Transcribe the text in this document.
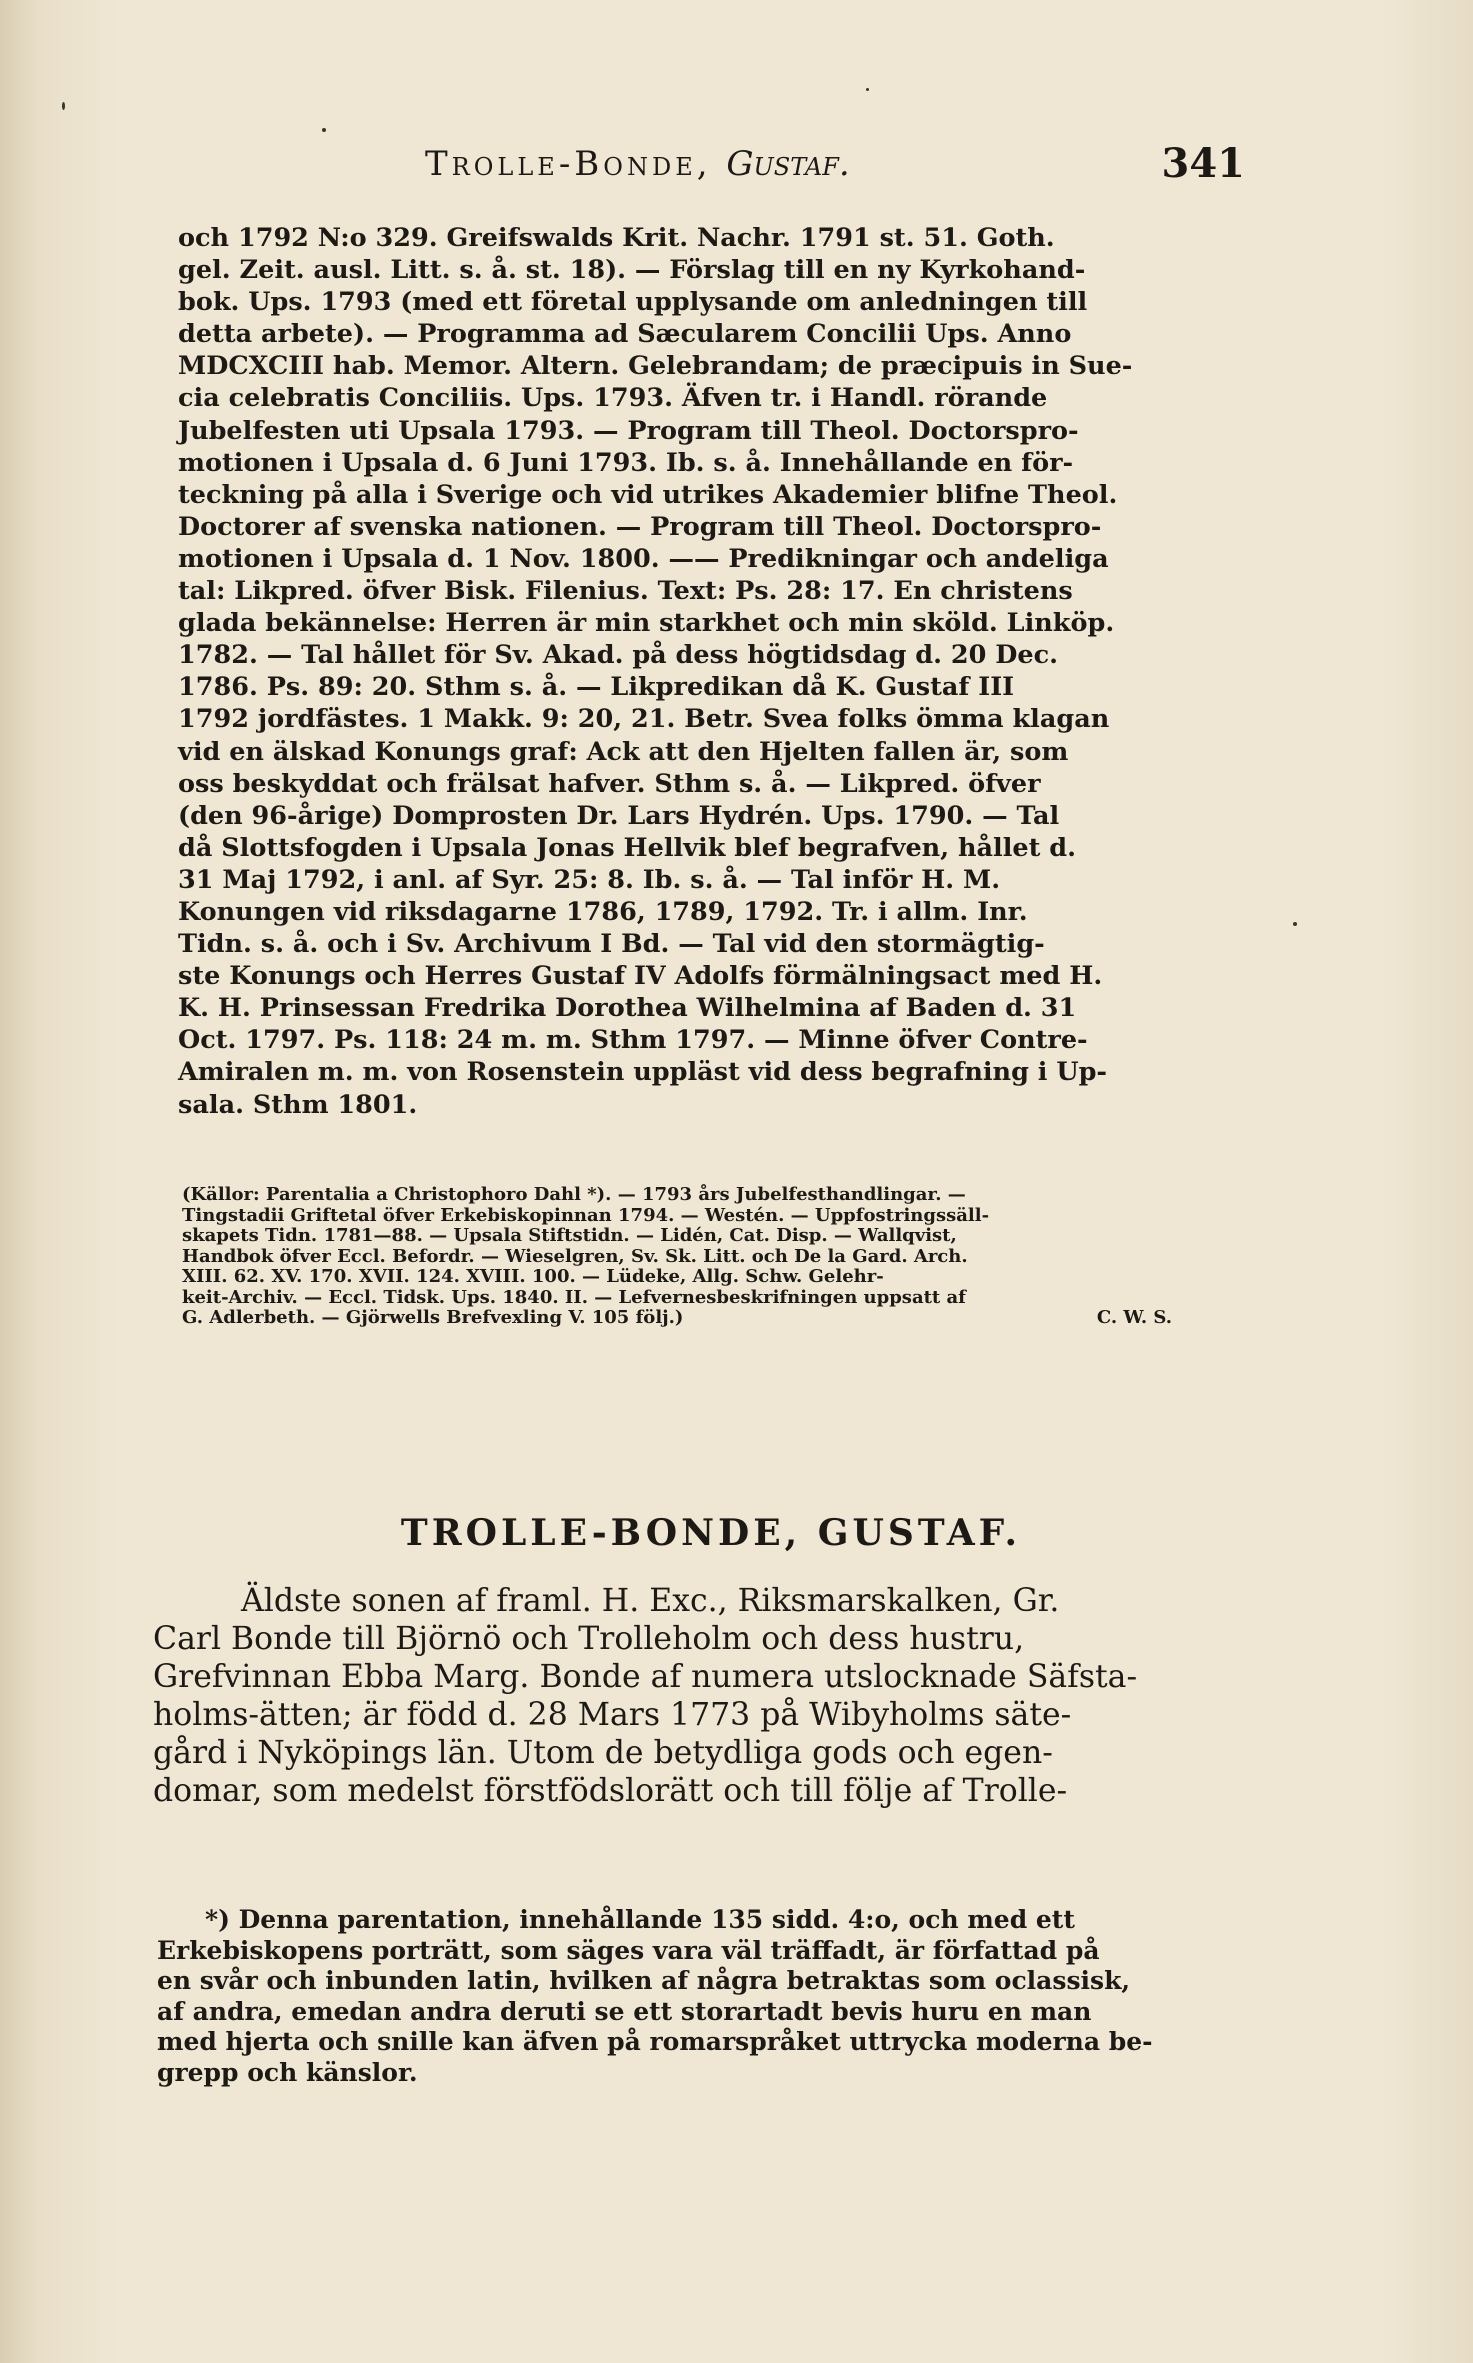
Trolle-Bonde, Gustaf.	341
och 1792 N:o 329. Greifswalds Krit. Nachr. 1791 st. 51. Goth.
gel. Zeit. ausl. Litt. s. å. st. 18). — Förslag till en ny Kyrkohand-
bok. Ups. 1793 (med ett företal upplysande om anledningen till
detta arbete). — Programma ad Sæcularem Concilii Ups. Anno
MDCXCIII hab. Memor. Altern. Gelebrandam; de præcipuis in Sue-
cia celebratis Conciliis. Ups. 1793. Äfven tr. i Handl. rörande
Jubelfesten uti Upsala 1793. — Program till Theol. Doctorspro-
motionen i Upsala d. 6 Juni 1793. Ib. s. å. Innehållande en för-
teckning på alla i Sverige och vid utrikes Akademier blifne Theol.
Doctorer af svenska nationen. — Program till Theol. Doctorspro-
motionen i Upsala d. 1 Nov. 1800. —— Predikningar och andeliga
tal: Likpred. öfver Bisk. Filenius. Text: Ps. 28: 17. En christens
glada bekännelse: Herren är min starkhet och min sköld. Linköp.
1782. — Tal hållet för Sv. Akad. på dess högtidsdag d. 20 Dec.
1786. Ps. 89: 20. Sthm s. å. — Likpredikan då K. Gustaf III
1792 jordfästes. 1 Makk. 9: 20, 21. Betr. Svea folks ömma klagan
vid en älskad Konungs graf: Ack att den Hjelten fallen är, som
oss beskyddat och frälsat hafver. Sthm s. å. — Likpred. öfver
(den 96-årige) Domprosten Dr. Lars Hydrén. Ups. 1790. — Tal
då Slottsfogden i Upsala Jonas Hellvik blef begrafven, hållet d.
31 Maj 1792, i anl. af Syr. 25: 8. Ib. s. å. — Tal inför H. M.
Konungen vid riksdagarne 1786, 1789, 1792. Tr. i allm. Inr.
Tidn. s. å. och i Sv. Archivum I Bd. — Tal vid den stormägtig-
ste Konungs och Herres Gustaf IV Adolfs förmälningsact med H.
K. H. Prinsessan Fredrika Dorothea Wilhelmina af Baden d. 31
Oct. 1797. Ps. 118: 24 m. m. Sthm 1797. — Minne öfver Contre-
Amiralen m. m. von Rosenstein uppläst vid dess begrafning i Up-
sala. Sthm 1801.
(Källor: Parentalia a Christophoro Dahl *). — 1793 års Jubelfesthandlingar. —
Tingstadii Griftetal öfver Erkebiskopinnan 1794. — Westén. — Uppfostringssäll-
skapets Tidn. 1781—88. — Upsala Stiftstidn. — Lidén, Cat. Disp. — Wallqvist,
Handbok öfver Eccl. Befordr. — Wieselgren, Sv. Sk. Litt. och De la Gard. Arch.
XIII. 62. XV. 170. XVII. 124. XVIII. 100. — Lüdeke, Allg. Schw. Gelehr-
keit-Archiv. — Eccl. Tidsk. Ups. 1840. II. — Lefvernesbeskrifningen uppsatt af
G. Adlerbeth. — Gjörwells Brefvexling V. 105 följ.)	C. W. S.
TROLLE-BONDE, GUSTAF.
Äldste sonen af framl. H. Exc., Riksmarskalken, Gr.
Carl Bonde till Björnö och Trolleholm och dess hustru,
Grefvinnan Ebba Marg. Bonde af numera utslocknade Säfsta-
holms-ätten; är född d. 28 Mars 1773 på Wibyholms säte-
gård i Nyköpings län. Utom de betydliga gods och egen-
domar, som medelst förstfödslorätt och till följe af Trolle-
*) Denna parentation, innehållande 135 sidd. 4:o, och med ett
Erkebiskopens porträtt, som säges vara väl träffadt, är författad på
en svår och inbunden latin, hvilken af några betraktas som oclassisk,
af andra, emedan andra deruti se ett storartadt bevis huru en man
med hjerta och snille kan äfven på romarspråket uttrycka moderna be-
grepp och känslor.
